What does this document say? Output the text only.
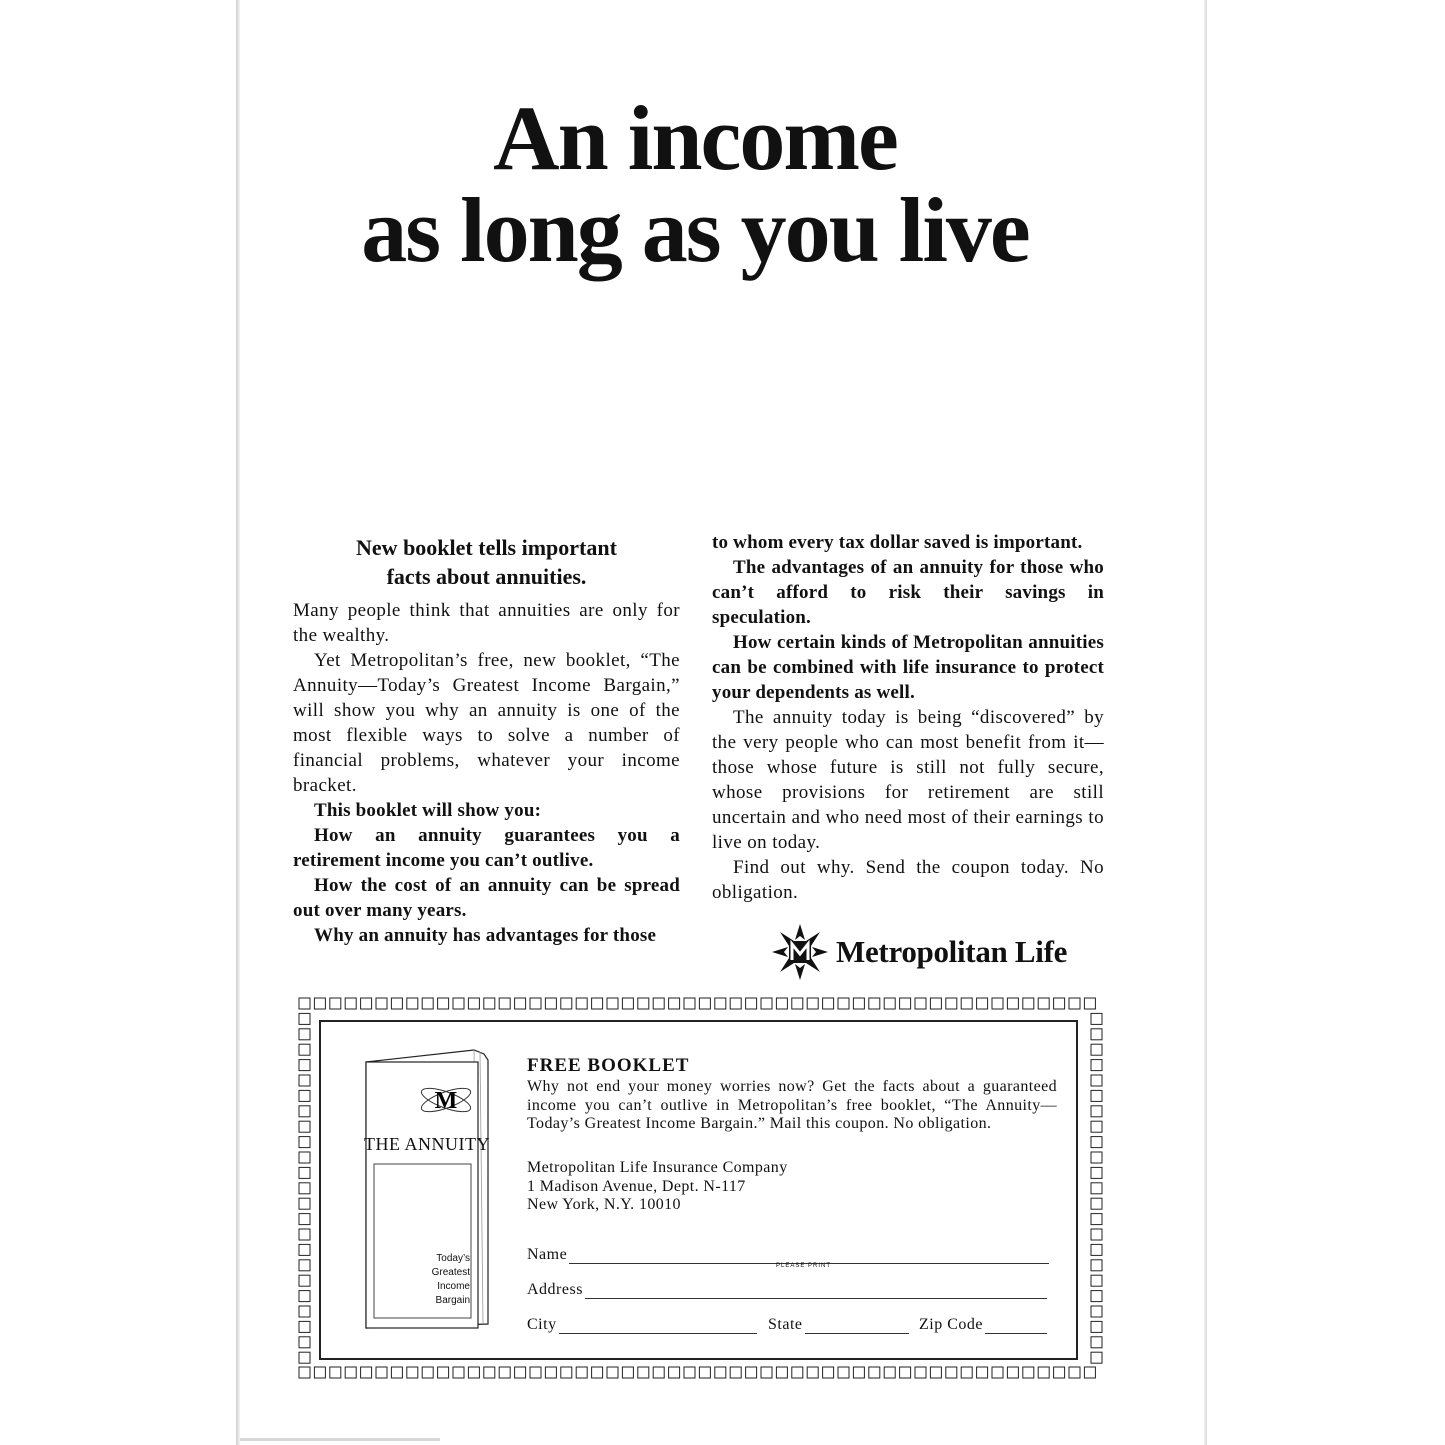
An income
as long as you live
New booklet tells important
facts about annuities.

Many people think that annuities are only for the wealthy.

Yet Metropolitan’s free, new booklet, “The Annuity—Today’s Greatest Income Bargain,” will show you why an annuity is one of the most flexible ways to solve a number of financial problems, whatever your income bracket.

This booklet will show you:

How an annuity guarantees you a retirement income you can’t outlive.

How the cost of an annuity can be spread out over many years.

Why an annuity has advantages for those

to whom every tax dollar saved is important.

The advantages of an annuity for those who can’t afford to risk their savings in speculation.

How certain kinds of Metropolitan annuities can be combined with life insurance to protect your dependents as well.

The annuity today is being “discovered” by the very people who can most benefit from it—those whose future is still not fully secure, whose provisions for retirement are still uncertain and who need most of their earnings to live on today.

Find out why. Send the coupon today. No obligation.

Metropolitan Life
M
THE ANNUITY
Today’s
Greatest
Income
Bargain
FREE BOOKLET

Why not end your money worries now? Get the facts about a guaranteed income you can’t outlive in Metropolitan’s free booklet, “The Annuity—Today’s Greatest Income Bargain.” Mail this coupon. No obligation.

Metropolitan Life Insurance Company
1 Madison Avenue, Dept. N-117
New York, N.Y. 10010
Name
PLEASE PRINT
Address
City	State	Zip Code
